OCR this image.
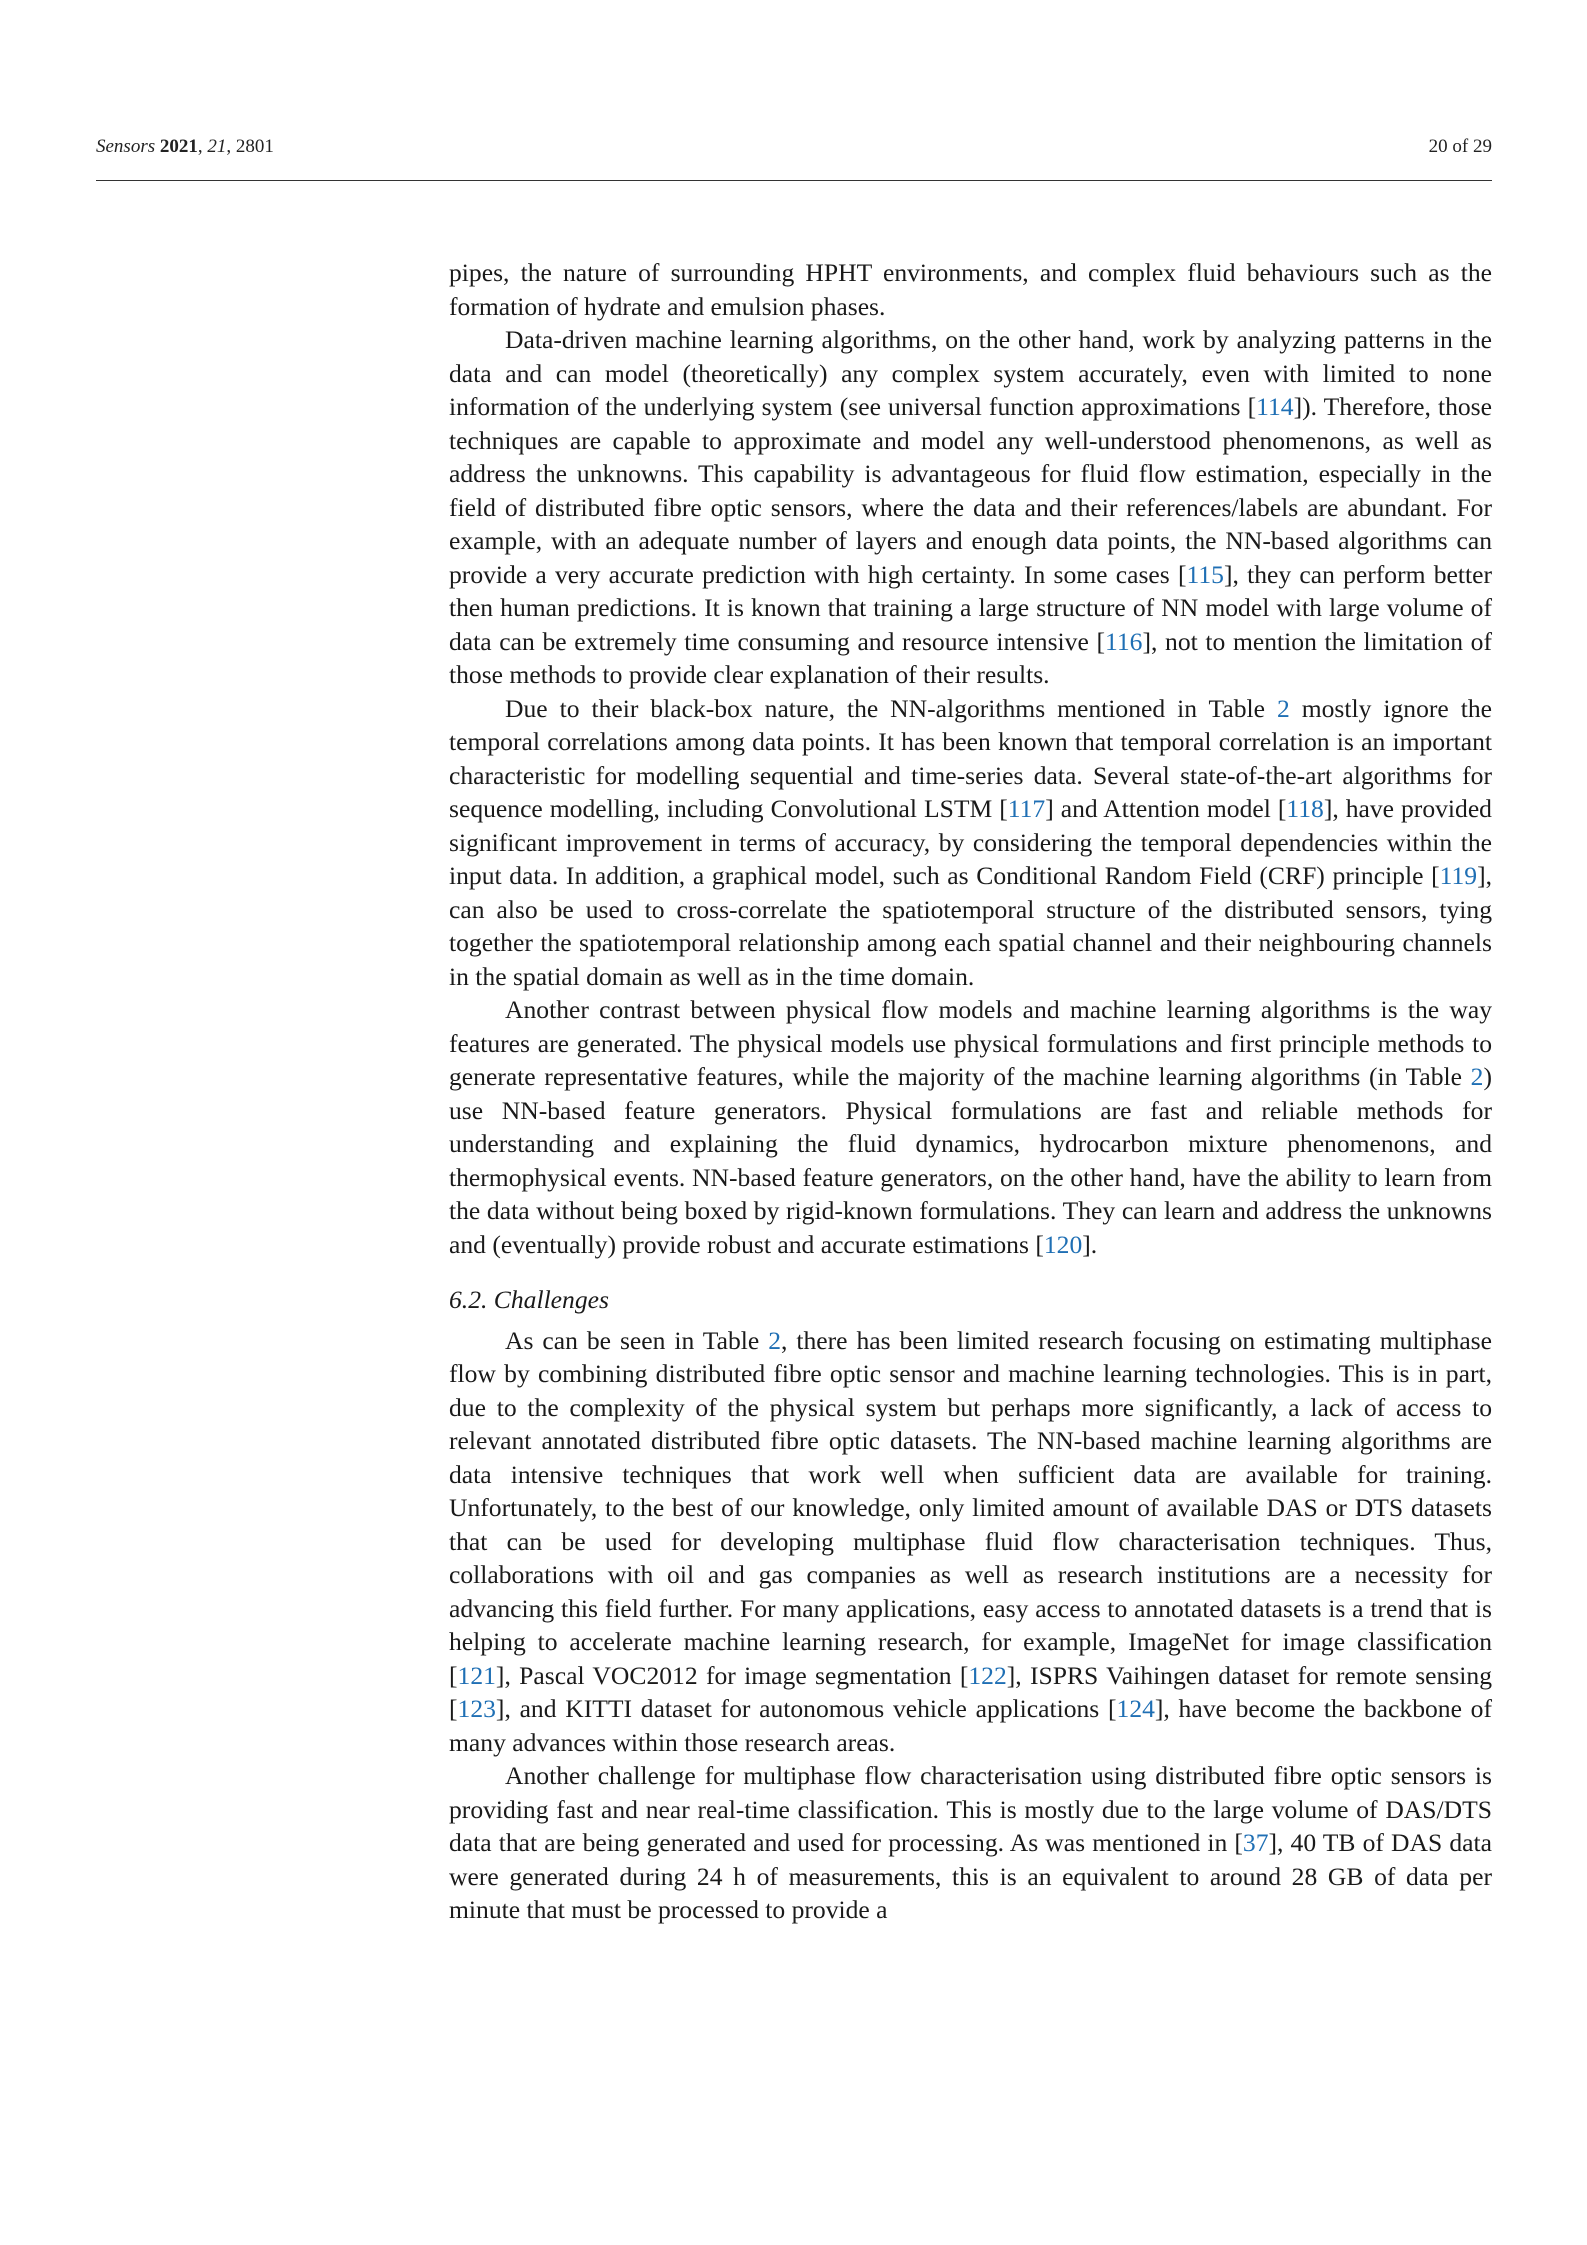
Sensors 2021, 21, 2801	20 of 29

pipes, the nature of surrounding HPHT environments, and complex fluid behaviours such as the formation of hydrate and emulsion phases.

Data-driven machine learning algorithms, on the other hand, work by analyzing patterns in the data and can model (theoretically) any complex system accurately, even with limited to none information of the underlying system (see universal function approximations [114]). Therefore, those techniques are capable to approximate and model any well-understood phenomenons, as well as address the unknowns. This capability is advantageous for fluid flow estimation, especially in the field of distributed fibre optic sensors, where the data and their references/labels are abundant. For example, with an adequate number of layers and enough data points, the NN-based algorithms can provide a very accurate prediction with high certainty. In some cases [115], they can perform better then human predictions. It is known that training a large structure of NN model with large volume of data can be extremely time consuming and resource intensive [116], not to mention the limitation of those methods to provide clear explanation of their results.

Due to their black-box nature, the NN-algorithms mentioned in Table 2 mostly ignore the temporal correlations among data points. It has been known that temporal correlation is an important characteristic for modelling sequential and time-series data. Several state-of-the-art algorithms for sequence modelling, including Convolutional LSTM [117] and Attention model [118], have provided significant improvement in terms of accuracy, by considering the temporal dependencies within the input data. In addition, a graphical model, such as Conditional Random Field (CRF) principle [119], can also be used to cross-correlate the spatiotemporal structure of the distributed sensors, tying together the spatiotemporal relationship among each spatial channel and their neighbouring channels in the spatial domain as well as in the time domain.

Another contrast between physical flow models and machine learning algorithms is the way features are generated. The physical models use physical formulations and first principle methods to generate representative features, while the majority of the machine learning algorithms (in Table 2) use NN-based feature generators. Physical formulations are fast and reliable methods for understanding and explaining the fluid dynamics, hydrocarbon mixture phenomenons, and thermophysical events. NN-based feature generators, on the other hand, have the ability to learn from the data without being boxed by rigid-known formulations. They can learn and address the unknowns and (eventually) provide robust and accurate estimations [120].

6.2. Challenges

As can be seen in Table 2, there has been limited research focusing on estimating multiphase flow by combining distributed fibre optic sensor and machine learning technologies. This is in part, due to the complexity of the physical system but perhaps more significantly, a lack of access to relevant annotated distributed fibre optic datasets. The NN-based machine learning algorithms are data intensive techniques that work well when sufficient data are available for training. Unfortunately, to the best of our knowledge, only limited amount of available DAS or DTS datasets that can be used for developing multiphase fluid flow characterisation techniques. Thus, collaborations with oil and gas companies as well as research institutions are a necessity for advancing this field further. For many applications, easy access to annotated datasets is a trend that is helping to accelerate machine learning research, for example, ImageNet for image classification [121], Pascal VOC2012 for image segmentation [122], ISPRS Vaihingen dataset for remote sensing [123], and KITTI dataset for autonomous vehicle applications [124], have become the backbone of many advances within those research areas.

Another challenge for multiphase flow characterisation using distributed fibre optic sensors is providing fast and near real-time classification. This is mostly due to the large volume of DAS/DTS data that are being generated and used for processing. As was mentioned in [37], 40 TB of DAS data were generated during 24 h of measurements, this is an equivalent to around 28 GB of data per minute that must be processed to provide a
